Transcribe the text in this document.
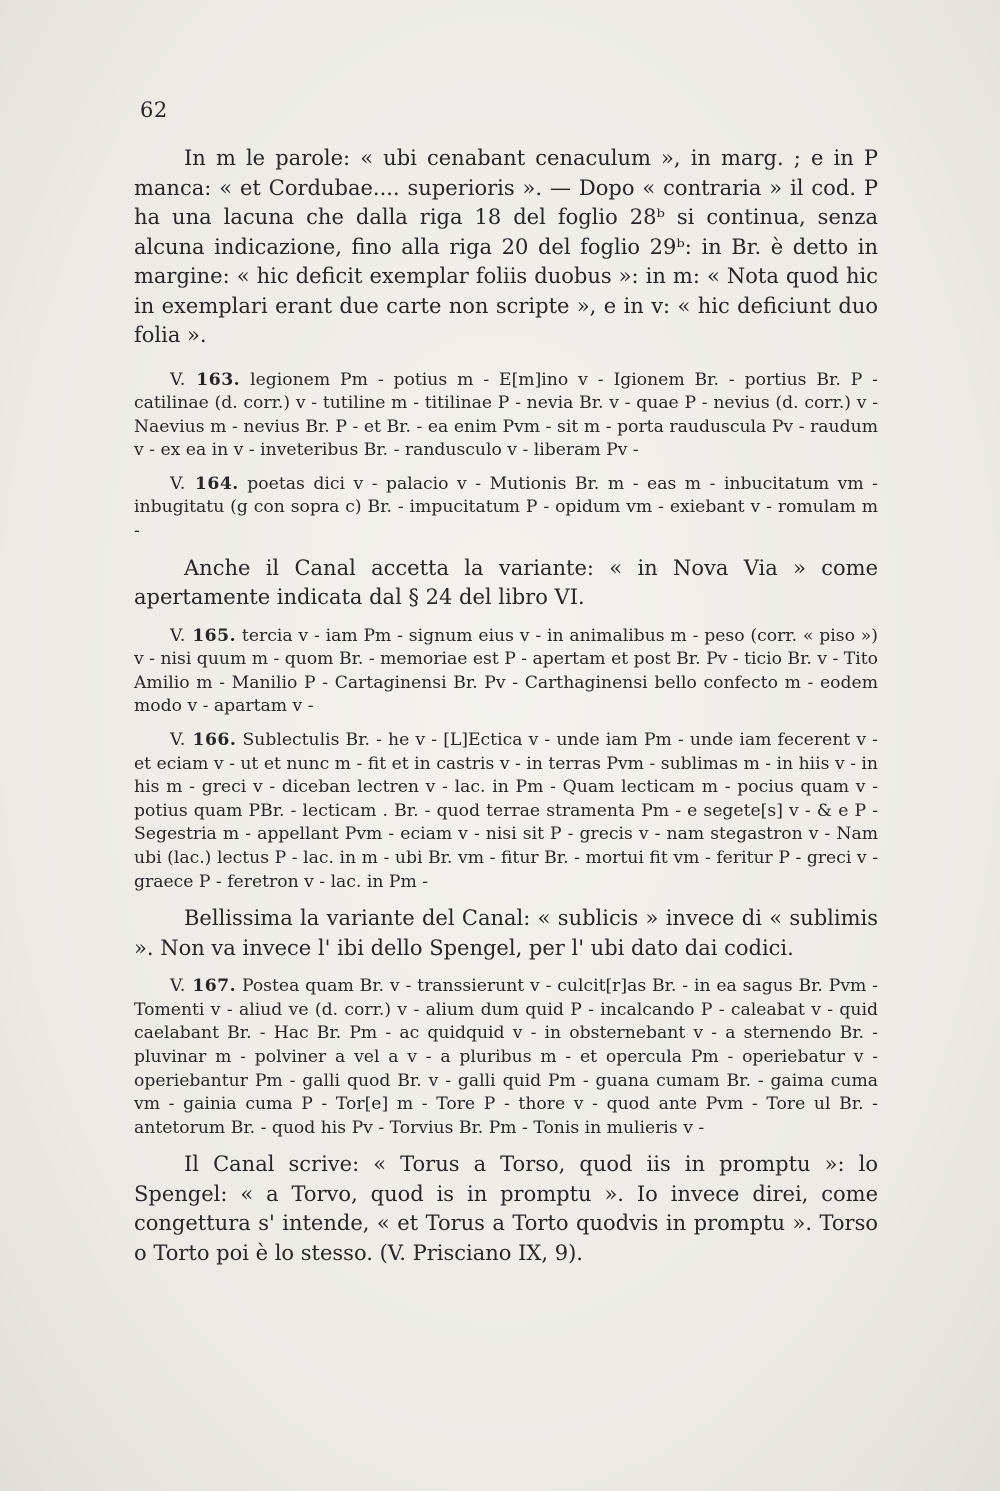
62

In m le parole: « ubi cenabant cenaculum », in marg. ; e in P manca: « et Cordubae.... superioris ». — Dopo « contraria » il cod. P ha una lacuna che dalla riga 18 del foglio 28ᵇ si continua, senza alcuna indicazione, fino alla riga 20 del foglio 29ᵇ: in Br. è detto in margine: « hic deficit exemplar foliis duobus »: in m: « Nota quod hic in exemplari erant due carte non scripte », e in v: « hic deficiunt duo folia ».

V. 163. legionem Pm - potius m - E[m]ino v - Igionem Br. - portius Br. P - catilinae (d. corr.) v - tutiline m - titilinae P - nevia Br. v - quae P - nevius (d. corr.) v - Naevius m - nevius Br. P - et Br. - ea enim Pvm - sit m - porta rauduscula Pv - raudum v - ex ea in v - inveteribus Br. - randusculo v - liberam Pv -

V. 164. poetas dici v - palacio v - Mutionis Br. m - eas m - inbucitatum vm - inbugitatu (g con sopra c) Br. - impucitatum P - opidum vm - exiebant v - romulam m -

Anche il Canal accetta la variante: « in Nova Via » come apertamente indicata dal § 24 del libro VI.

V. 165. tercia v - iam Pm - signum eius v - in animalibus m - peso (corr. « piso ») v - nisi quum m - quom Br. - memoriae est P - apertam et post Br. Pv - ticio Br. v - Tito Amilio m - Manilio P - Cartaginensi Br. Pv - Carthaginensi bello confecto m - eodem modo v - apartam v -

V. 166. Sublectulis Br. - he v - [L]Ectica v - unde iam Pm - unde iam fecerent v - et eciam v - ut et nunc m - fit et in castris v - in terras Pvm - sublimas m - in hiis v - in his m - greci v - diceban lectren v - lac. in Pm - Quam lecticam m - pocius quam v - potius quam PBr. - lecticam . Br. - quod terrae stramenta Pm - e segete[s] v - & e P - Segestria m - appellant Pvm - eciam v - nisi sit P - grecis v - nam stegastron v - Nam ubi (lac.) lectus P - lac. in m - ubi Br. vm - fitur Br. - mortui fit vm - feritur P - greci v - graece P - feretron v - lac. in Pm -

Bellissima la variante del Canal: « sublicis » invece di « sublimis ». Non va invece l' ibi dello Spengel, per l' ubi dato dai codici.

V. 167. Postea quam Br. v - transsierunt v - culcit[r]as Br. - in ea sagus Br. Pvm - Tomenti v - aliud ve (d. corr.) v - alium dum quid P - incalcando P - caleabat v - quid caelabant Br. - Hac Br. Pm - ac quidquid v - in obsternebant v - a sternendo Br. - pluvinar m - polviner a vel a v - a pluribus m - et opercula Pm - operiebatur v - operiebantur Pm - galli quod Br. v - galli quid Pm - guana cumam Br. - gaima cuma vm - gainia cuma P - Tor[e] m - Tore P - thore v - quod ante Pvm - Tore ul Br. - antetorum Br. - quod his Pv - Torvius Br. Pm - Tonis in mulieris v -

Il Canal scrive: « Torus a Torso, quod iis in promptu »: lo Spengel: « a Torvo, quod is in promptu ». Io invece direi, come congettura s' intende, « et Torus a Torto quodvis in promptu ». Torso o Torto poi è lo stesso. (V. Prisciano IX, 9).
